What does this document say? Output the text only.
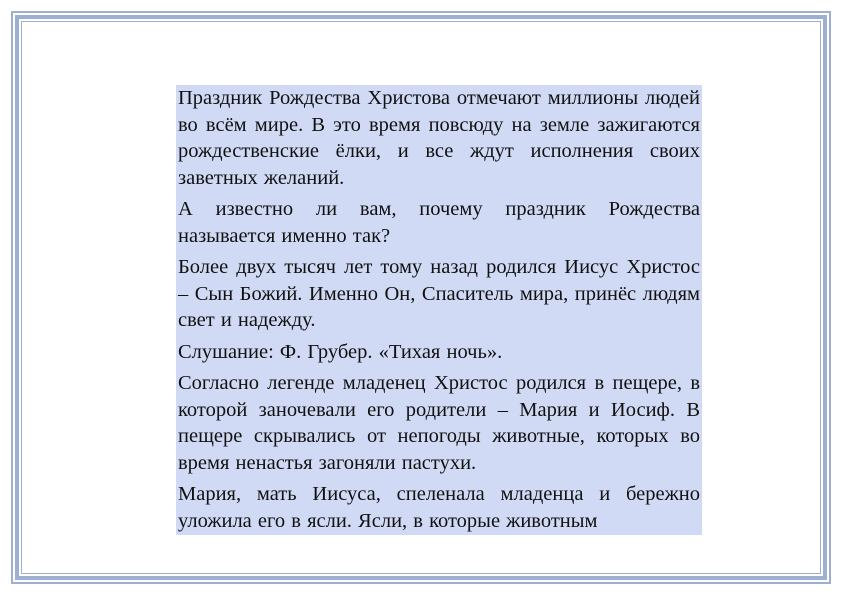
Праздник Рождества Христова отмечают миллионы людей во всём мире. В это время повсюду на земле зажигаются рождественские ёлки, и все ждут исполнения своих заветных желаний.

А известно ли вам, почему праздник Рождества называется именно так?

Более двух тысяч лет тому назад родился Иисус Христос – Сын Божий. Именно Он, Спаситель мира, принёс людям свет и надежду.

Слушание: Ф. Грубер. «Тихая ночь».

Согласно легенде младенец Христос родился в пещере, в которой заночевали его родители – Мария и Иосиф. В пещере скрывались от непогоды животные, которых во время ненастья загоняли пастухи.

Мария, мать Иисуса, спеленала младенца и бережно уложила его в ясли. Ясли, в которые животным
